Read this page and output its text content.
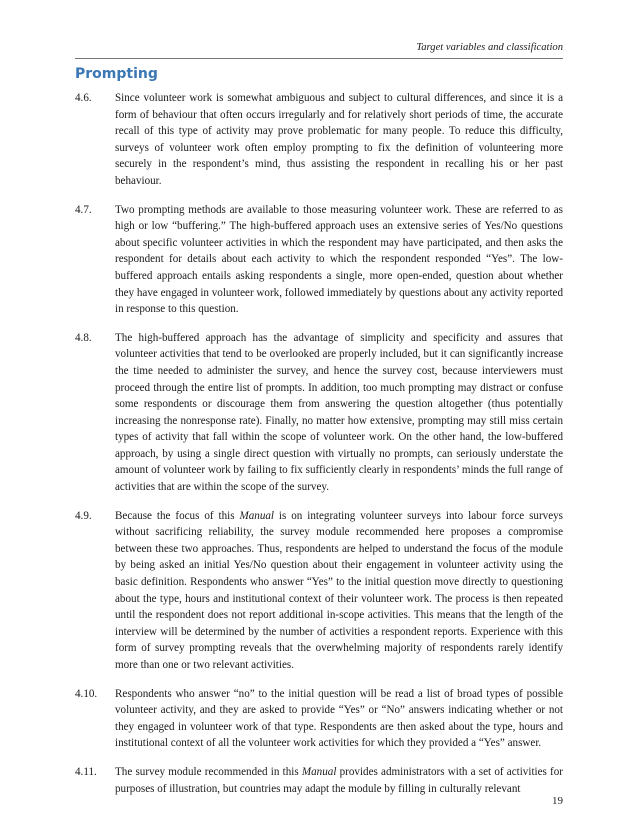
Target variables and classification
Prompting
4.6.	Since volunteer work is somewhat ambiguous and subject to cultural differences, and since it is a form of behaviour that often occurs irregularly and for relatively short periods of time, the accurate recall of this type of activity may prove problematic for many people. To reduce this difficulty, surveys of volunteer work often employ prompting to fix the definition of volunteering more securely in the respondent’s mind, thus assisting the respondent in recalling his or her past behaviour.
4.7.	Two prompting methods are available to those measuring volunteer work. These are referred to as high or low “buffering.” The high-buffered approach uses an extensive series of Yes/No questions about specific volunteer activities in which the respondent may have participated, and then asks the respondent for details about each activity to which the respondent responded “Yes”. The low-buffered approach entails asking respondents a single, more open-ended, question about whether they have engaged in volunteer work, followed immediately by questions about any activity reported in response to this question.
4.8.	The high-buffered approach has the advantage of simplicity and specificity and assures that volunteer activities that tend to be overlooked are properly included, but it can significantly increase the time needed to administer the survey, and hence the survey cost, because interviewers must proceed through the entire list of prompts. In addition, too much prompting may distract or confuse some respondents or discourage them from answering the question altogether (thus potentially increasing the nonresponse rate). Finally, no matter how extensive, prompting may still miss certain types of activity that fall within the scope of volunteer work. On the other hand, the low-buffered approach, by using a single direct question with virtually no prompts, can seriously understate the amount of volunteer work by failing to fix sufficiently clearly in respondents’ minds the full range of activities that are within the scope of the survey.
4.9.	Because the focus of this Manual is on integrating volunteer surveys into labour force surveys without sacrificing reliability, the survey module recommended here proposes a compromise between these two approaches. Thus, respondents are helped to understand the focus of the module by being asked an initial Yes/No question about their engagement in volunteer activity using the basic definition. Respondents who answer “Yes” to the initial question move directly to questioning about the type, hours and institutional context of their volunteer work. The process is then repeated until the respondent does not report additional in-scope activities. This means that the length of the interview will be determined by the number of activities a respondent reports. Experience with this form of survey prompting reveals that the overwhelming majority of respondents rarely identify more than one or two relevant activities.
4.10.	Respondents who answer “no” to the initial question will be read a list of broad types of possible volunteer activity, and they are asked to provide “Yes” or “No” answers indicating whether or not they engaged in volunteer work of that type. Respondents are then asked about the type, hours and institutional context of all the volunteer work activities for which they provided a “Yes” answer.
4.11.	The survey module recommended in this Manual provides administrators with a set of activities for purposes of illustration, but countries may adapt the module by filling in culturally relevant
19
